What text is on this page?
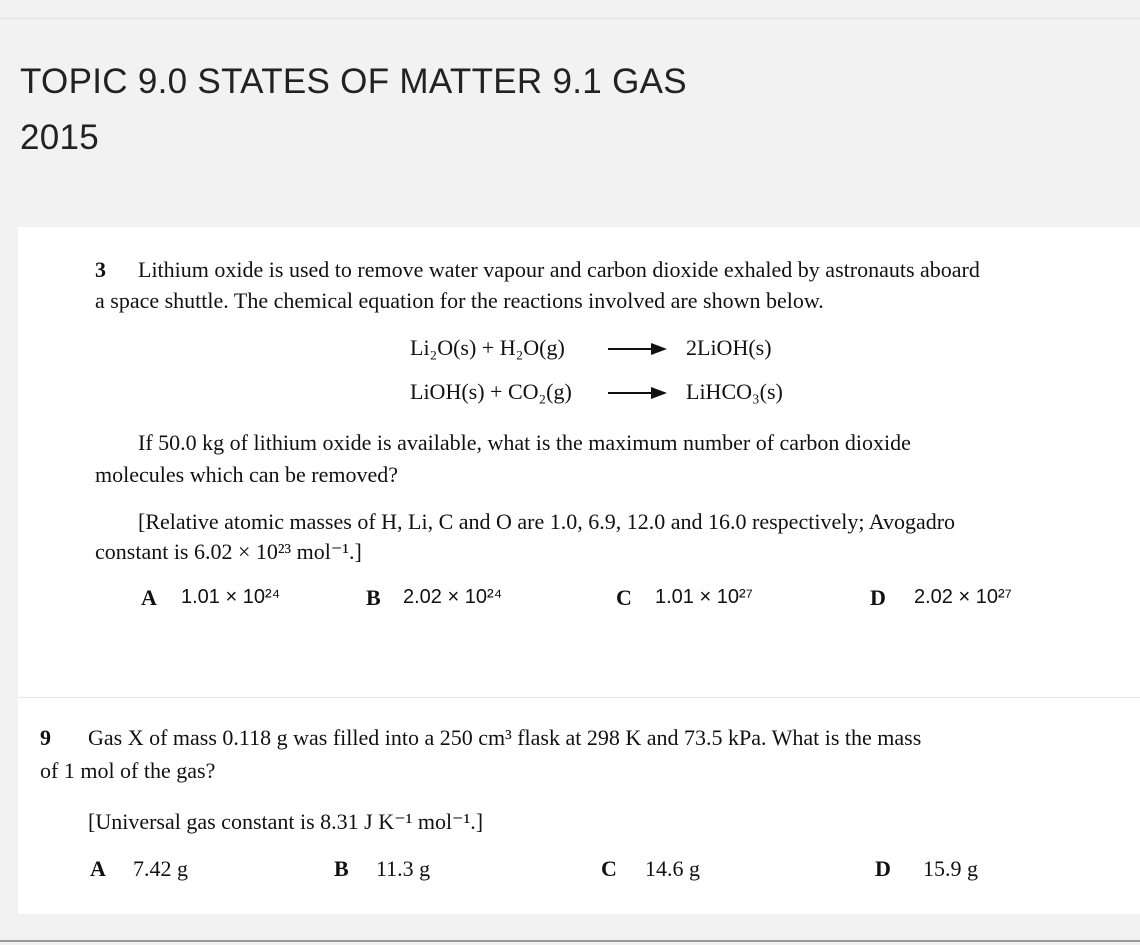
TOPIC 9.0 STATES OF MATTER 9.1 GAS
2015
3 Lithium oxide is used to remove water vapour and carbon dioxide exhaled by astronauts aboard
a space shuttle. The chemical equation for the reactions involved are shown below.
Li₂O(s) + H₂O(g)	→ 2LiOH(s)
LiOH(s) + CO₂(g) → LiHCO₃(s)
If 50.0 kg of lithium oxide is available, what is the maximum number of carbon dioxide
molecules which can be removed?
[Relative atomic masses of H, Li, C and O are 1.0, 6.9, 12.0 and 16.0 respectively; Avogadro
constant is 6.02 × 10²³ mol⁻¹.]
A 1.01 × 10²⁴	B 2.02 × 10²⁴	C 1.01 × 10²⁷	D 2.02 × 10²⁷
9 Gas X of mass 0.118 g was filled into a 250 cm³ flask at 298 K and 73.5 kPa. What is the mass
of 1 mol of the gas?
[Universal gas constant is 8.31 J K⁻¹ mol⁻¹.]
A 7.42 g	B 11.3 g	C 14.6 g	D 15.9 g
